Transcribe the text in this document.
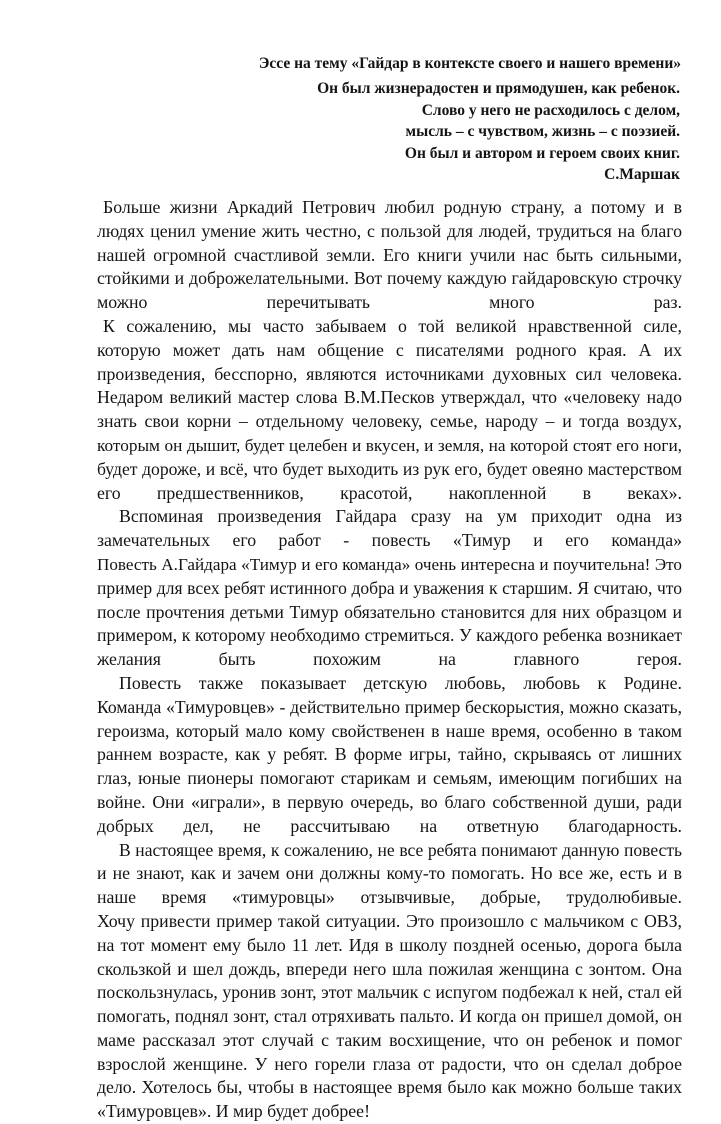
Эссе на тему «Гайдар в контексте своего и нашего времени»
Он был жизнерадостен и прямодушен, как ребенок.
Слово у него не расходилось с делом,
мысль – с чувством, жизнь – с поэзией.
Он был и автором и героем своих книг.
С.Маршак
Больше жизни Аркадий Петрович любил родную страну, а потому и в
людях ценил умение жить честно, с пользой для людей, трудиться на благо
нашей огромной счастливой земли. Его книги учили нас быть сильными,
стойкими и доброжелательными. Вот почему каждую гайдаровскую строчку
можно перечитывать много раз.
К сожалению, мы часто забываем о той великой нравственной силе,
которую может дать нам общение с писателями родного края. А их
произведения, бесспорно, являются источниками духовных сил человека.
Недаром великий мастер слова В.М.Песков утверждал, что «человеку надо
знать свои корни – отдельному человеку, семье, народу – и тогда воздух,
которым он дышит, будет целебен и вкусен, и земля, на которой стоят его ноги,
будет дороже, и всё, что будет выходить из рук его, будет овеяно мастерством
его предшественников, красотой, накопленной в веках».
Вспоминая произведения Гайдара сразу на ум приходит одна из
замечательных его работ - повесть «Тимур и его команда»
Повесть А.Гайдара «Тимур и его команда» очень интересна и поучительна! Это
пример для всех ребят истинного добра и уважения к старшим. Я считаю, что
после прочтения детьми Тимур обязательно становится для них образцом и
примером, к которому необходимо стремиться. У каждого ребенка возникает
желания быть похожим на главного героя.
Повесть также показывает детскую любовь, любовь к Родине.
Команда «Тимуровцев» - действительно пример бескорыстия, можно сказать,
героизма, который мало кому свойственен в наше время, особенно в таком
раннем возрасте, как у ребят. В форме игры, тайно, скрываясь от лишних
глаз, юные пионеры помогают старикам и семьям, имеющим погибших на
войне. Они «играли», в первую очередь, во благо собственной души, ради
добрых дел, не рассчитываю на ответную благодарность.
В настоящее время, к сожалению, не все ребята понимают данную повесть
и не знают, как и зачем они должны кому-то помогать. Но все же, есть и в
наше время «тимуровцы» отзывчивые, добрые, трудолюбивые.
Хочу привести пример такой ситуации. Это произошло с мальчиком с ОВЗ,
на тот момент ему было 11 лет. Идя в школу поздней осенью, дорога была
скользкой и шел дождь, впереди него шла пожилая женщина с зонтом. Она
поскользнулась, уронив зонт, этот мальчик с испугом подбежал к ней, стал ей
помогать, поднял зонт, стал отряхивать пальто. И когда он пришел домой, он
маме рассказал этот случай с таким восхищение, что он ребенок и помог
взрослой женщине. У него горели глаза от радости, что он сделал доброе
дело. Хотелось бы, чтобы в настоящее время было как можно больше таких
«Тимуровцев». И мир будет добрее!
